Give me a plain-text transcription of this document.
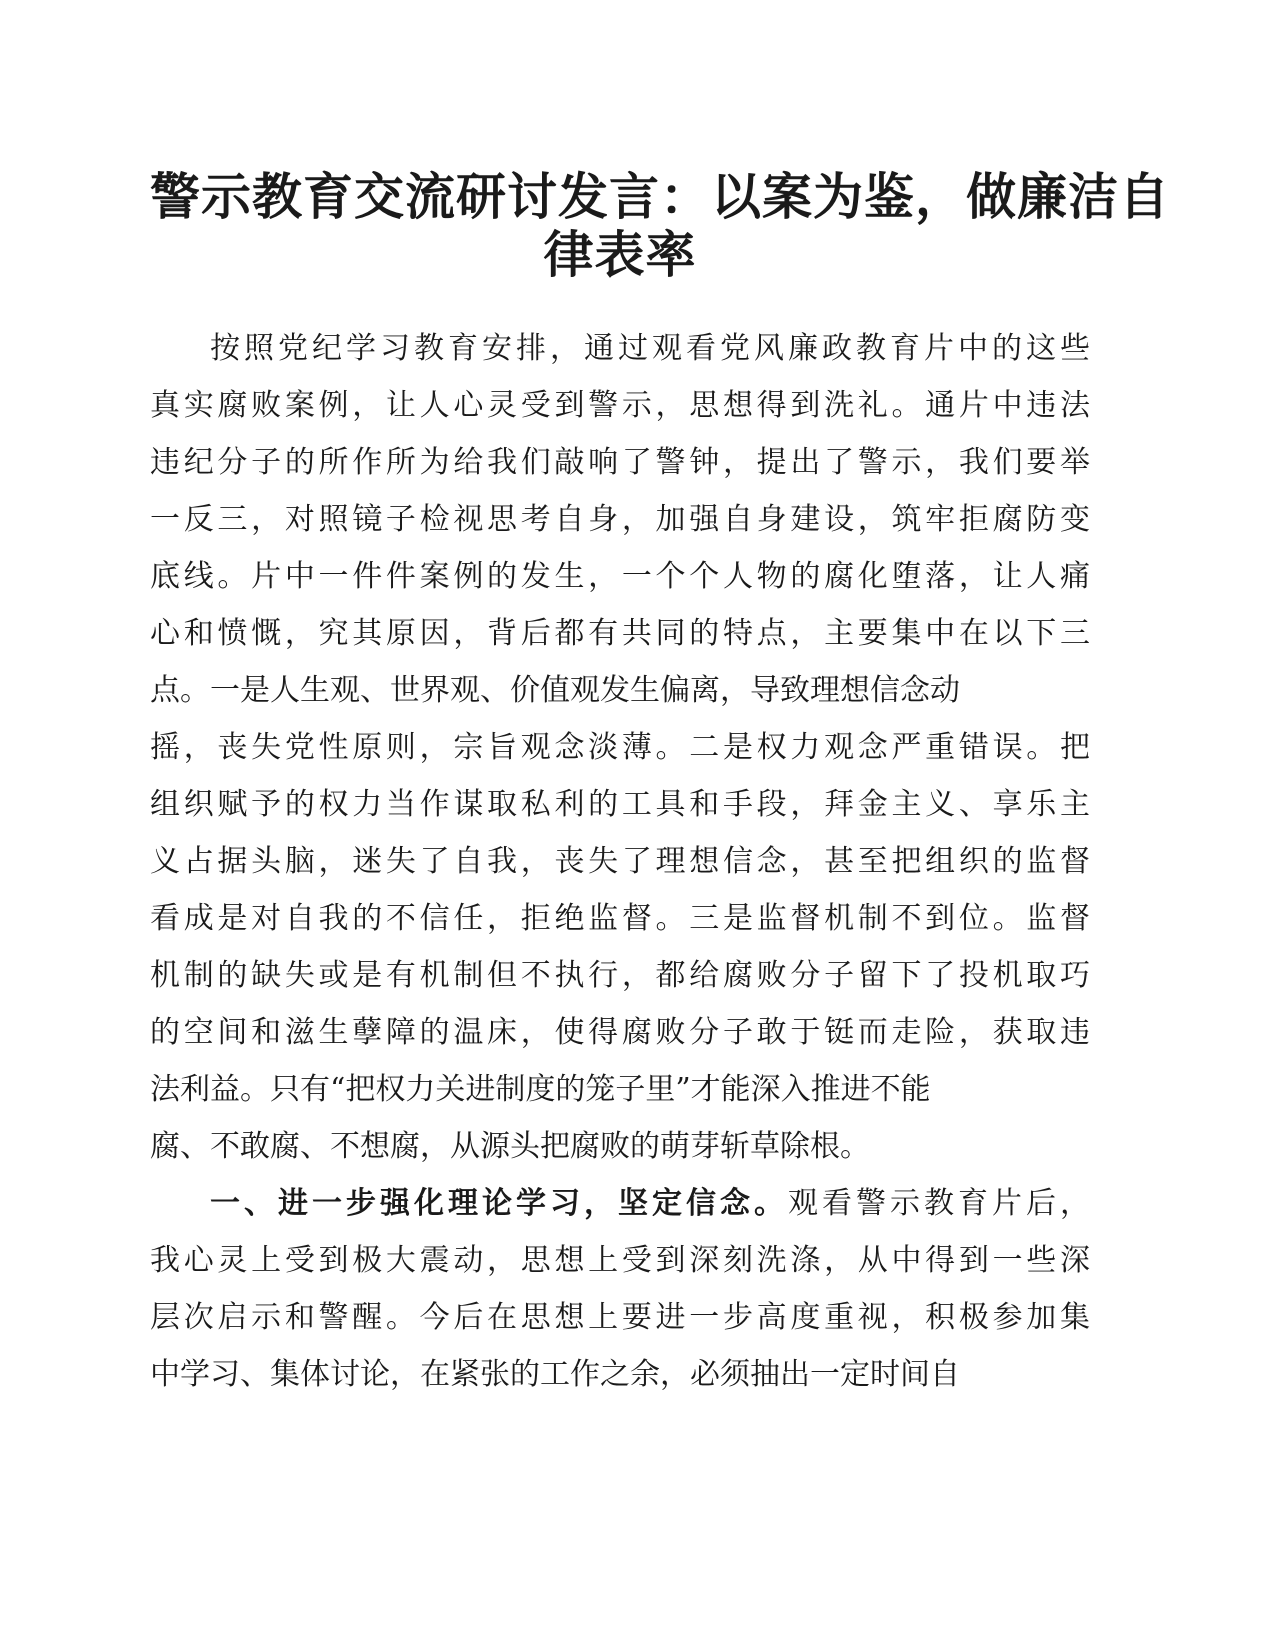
警示教育交流研讨发言：以案为鉴，做廉洁自
律表率
按照党纪学习教育安排，通过观看党风廉政教育片中的这些
真实腐败案例，让人心灵受到警示，思想得到洗礼。通片中违法
违纪分子的所作所为给我们敲响了警钟，提出了警示，我们要举
一反三，对照镜子检视思考自身，加强自身建设，筑牢拒腐防变
底线。片中一件件案例的发生，一个个人物的腐化堕落，让人痛
心和愤慨，究其原因，背后都有共同的特点，主要集中在以下三
点。一是人生观、世界观、价值观发生偏离，导致理想信念动
摇，丧失党性原则，宗旨观念淡薄。二是权力观念严重错误。把
组织赋予的权力当作谋取私利的工具和手段，拜金主义、享乐主
义占据头脑，迷失了自我，丧失了理想信念，甚至把组织的监督
看成是对自我的不信任，拒绝监督。三是监督机制不到位。监督
机制的缺失或是有机制但不执行，都给腐败分子留下了投机取巧
的空间和滋生孽障的温床，使得腐败分子敢于铤而走险，获取违
法利益。只有“把权力关进制度的笼子里”才能深入推进不能
腐、不敢腐、不想腐，从源头把腐败的萌芽斩草除根。
一、进一步强化理论学习，坚定信念。观看警示教育片后，
我心灵上受到极大震动，思想上受到深刻洗涤，从中得到一些深
层次启示和警醒。今后在思想上要进一步高度重视，积极参加集
中学习、集体讨论，在紧张的工作之余，必须抽出一定时间自
